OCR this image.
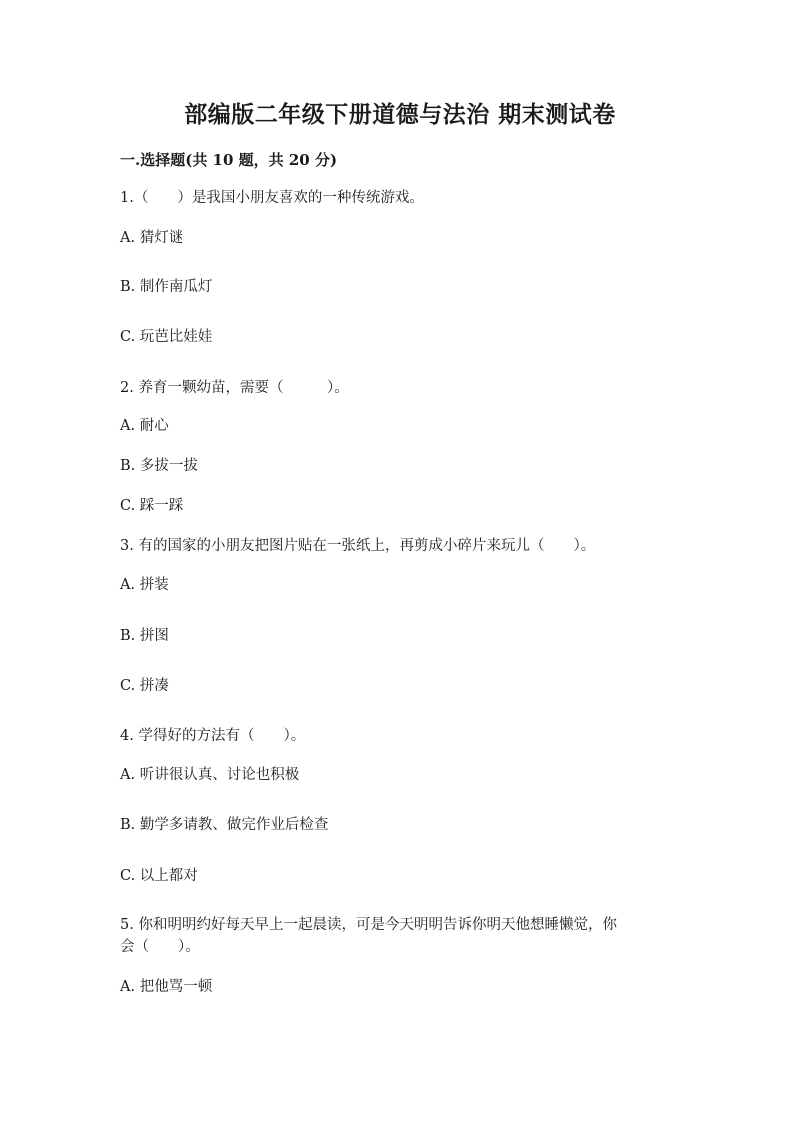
部编版二年级下册道德与法治 期末测试卷
一.选择题(共 10 题，共 20 分)

1.（　　）是我国小朋友喜欢的一种传统游戏。

A. 猜灯谜

B. 制作南瓜灯

C. 玩芭比娃娃

2. 养育一颗幼苗，需要（　　　）。

A. 耐心

B. 多拔一拔

C. 踩一踩

3. 有的国家的小朋友把图片贴在一张纸上，再剪成小碎片来玩儿（　　）。

A. 拼装

B. 拼图

C. 拼凑

4. 学得好的方法有（　　）。

A. 听讲很认真、讨论也积极

B. 勤学多请教、做完作业后检查

C. 以上都对

5. 你和明明约好每天早上一起晨读，可是今天明明告诉你明天他想睡懒觉，你

会（　　）。

A. 把他骂一顿
